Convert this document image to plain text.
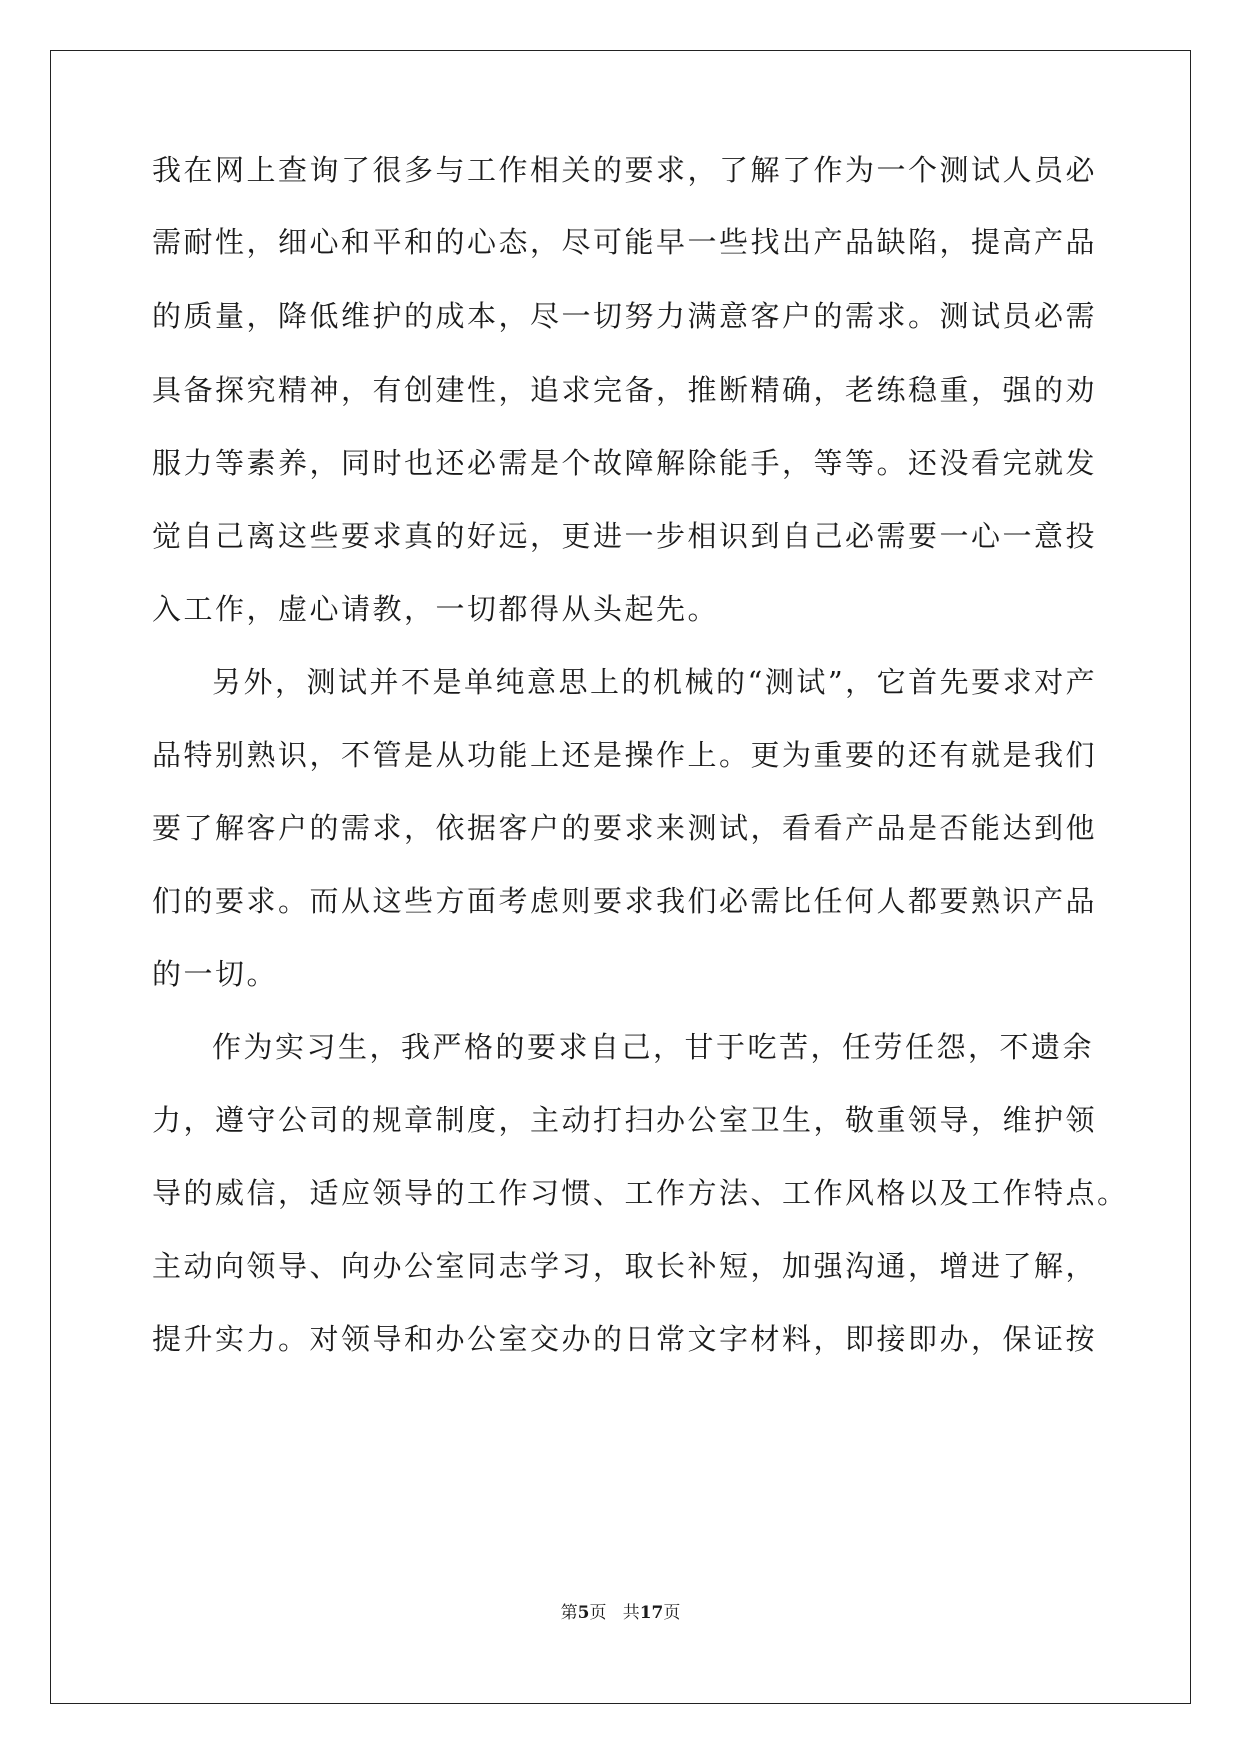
我在网上查询了很多与工作相关的要求，了解了作为一个测试人员必
需耐性，细心和平和的心态，尽可能早一些找出产品缺陷，提高产品
的质量，降低维护的成本，尽一切努力满意客户的需求。测试员必需
具备探究精神，有创建性，追求完备，推断精确，老练稳重，强的劝
服力等素养，同时也还必需是个故障解除能手，等等。还没看完就发
觉自己离这些要求真的好远，更进一步相识到自己必需要一心一意投
入工作，虚心请教，一切都得从头起先。
另外，测试并不是单纯意思上的机械的“测试”，它首先要求对产
品特别熟识，不管是从功能上还是操作上。更为重要的还有就是我们
要了解客户的需求，依据客户的要求来测试，看看产品是否能达到他
们的要求。而从这些方面考虑则要求我们必需比任何人都要熟识产品
的一切。
作为实习生，我严格的要求自己，甘于吃苦，任劳任怨，不遗余
力，遵守公司的规章制度，主动打扫办公室卫生，敬重领导，维护领
导的威信，适应领导的工作习惯、工作方法、工作风格以及工作特点。
主动向领导、向办公室同志学习，取长补短，加强沟通，增进了解，
提升实力。对领导和办公室交办的日常文字材料，即接即办，保证按
第5页 共17页
